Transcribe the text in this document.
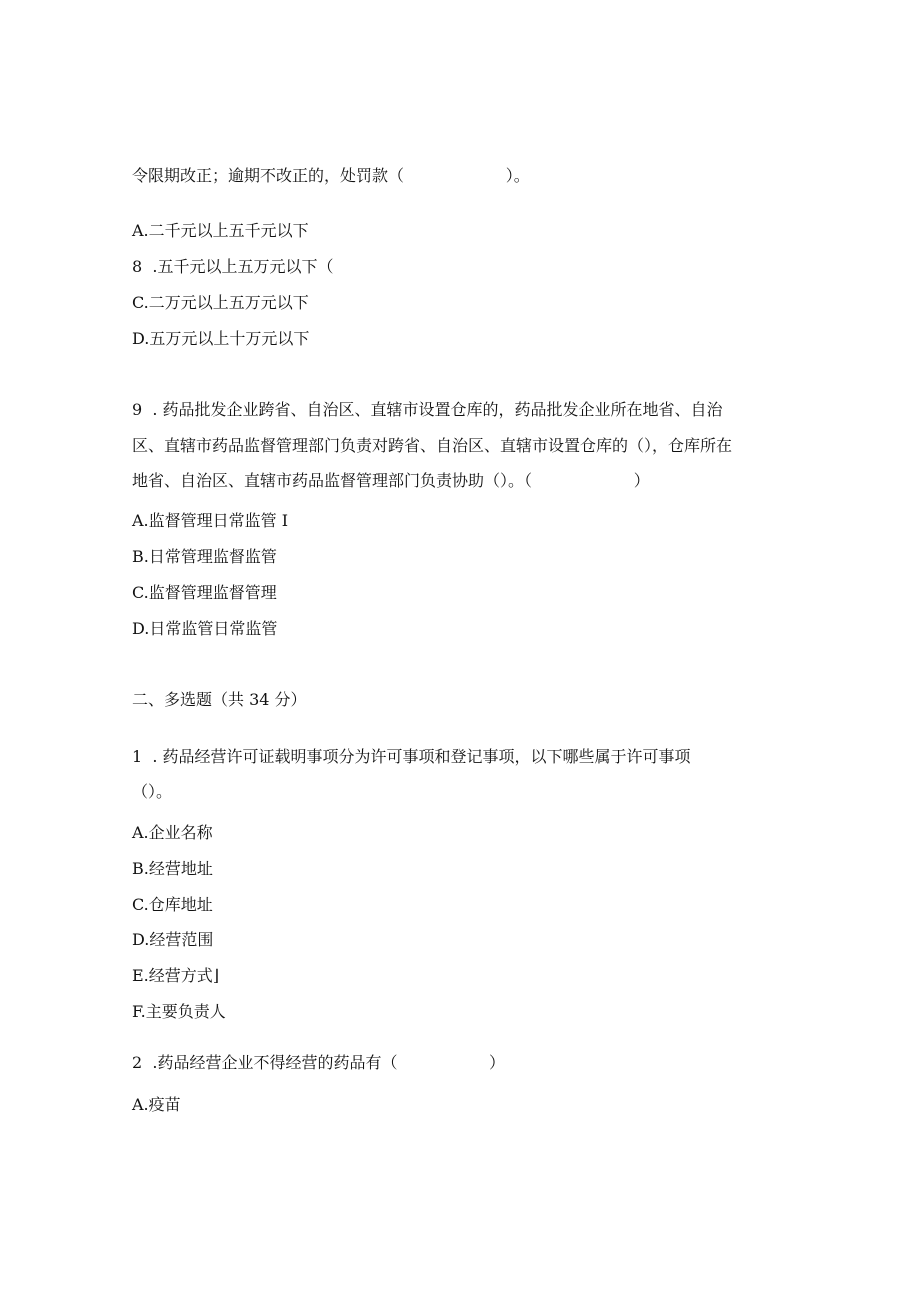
令限期改正；逾期不改正的，处罚款（                    ）。

A.二千元以上五千元以下

8  .五千元以上五万元以下（

C.二万元以上五万元以下

D.五万元以上十万元以下

9  . 药品批发企业跨省、自治区、直辖市设置仓库的，药品批发企业所在地省、自治

区、直辖市药品监督管理部门负责对跨省、自治区、直辖市设置仓库的（），仓库所在

地省、自治区、直辖市药品监督管理部门负责协助（）。（                    ）

A.监督管理日常监管 I

B.日常管理监督监管

C.监督管理监督管理

D.日常监管日常监管

二、多选题（共 34 分）

1  . 药品经营许可证载明事项分为许可事项和登记事项，以下哪些属于许可事项

（）。

A.企业名称

B.经营地址

C.仓库地址

D.经营范围

E.经营方式⌋

F.主要负责人

2  .药品经营企业不得经营的药品有（                  ）

A.疫苗
